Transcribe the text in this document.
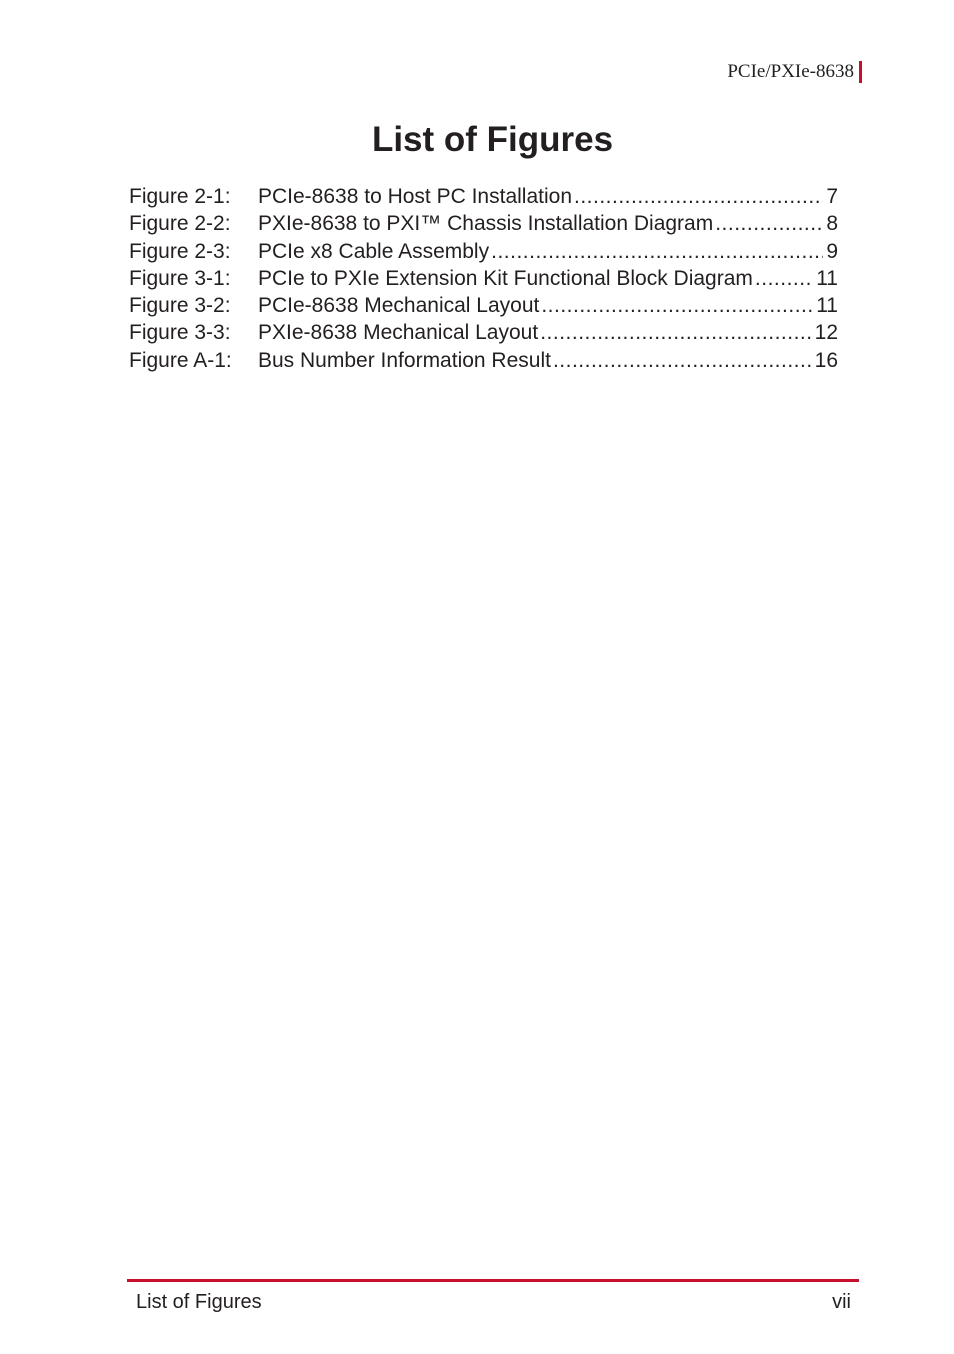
PCIe/PXIe-8638
List of Figures
Figure 2-1:	PCIe-8638 to Host PC Installation .....	7
Figure 2-2:	PXIe-8638 to PXI™ Chassis Installation Diagram .....	8
Figure 2-3:	PCIe x8 Cable Assembly .....	9
Figure 3-1:	PCIe to PXIe Extension Kit Functional Block Diagram .....	11
Figure 3-2:	PCIe-8638 Mechanical Layout .....	11
Figure 3-3:	PXIe-8638 Mechanical Layout .....	12
Figure A-1:	Bus Number Information Result .....	16
List of Figures	vii
